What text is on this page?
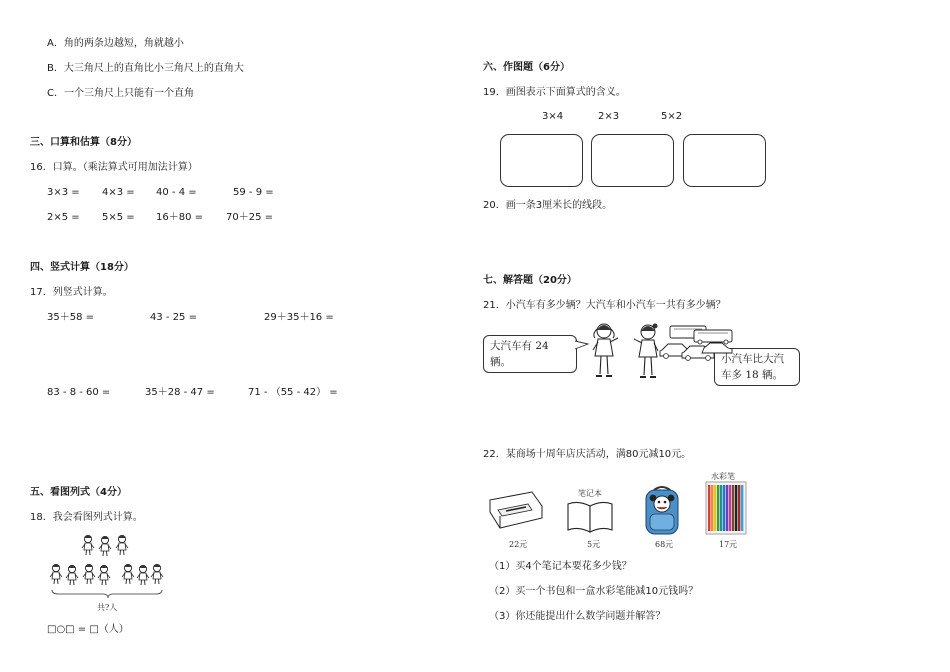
A．角的两条边越短，角就越小
B．大三角尺上的直角比小三角尺上的直角大
C．一个三角尺上只能有一个直角
三、口算和估算（8分）
16．口算。（乘法算式可用加法计算）
3×3 = 4×3 = 40 - 4 =	59 - 9 =
2×5 = 5×5 = 16＋80 = 70＋25 =
四、竖式计算（18分）
17．列竖式计算。
35＋58 =	43 - 25 =	29＋35＋16 =
83 - 8 - 60 =	35＋28 - 47 =	71 - （55 - 42） =
五、看图列式（4分）
18．我会看图列式计算。
共?人
□○□ = □（人）
六、作图题（6分）
19．画图表示下面算式的含义。
3×4	2×3	5×2
20．画一条3厘米长的线段。
七、解答题（20分）
21．小汽车有多少辆？大汽车和小汽车一共有多少辆？
大汽车有 24 辆。	小汽车比大汽
车多 18 辆。
22．某商场十周年店庆活动，满80元减10元。
22元
笔记本
5元	68元
水彩笔
17元
（1）买4个笔记本要花多少钱？
（2）买一个书包和一盒水彩笔能减10元钱吗？
（3）你还能提出什么数学问题并解答？
